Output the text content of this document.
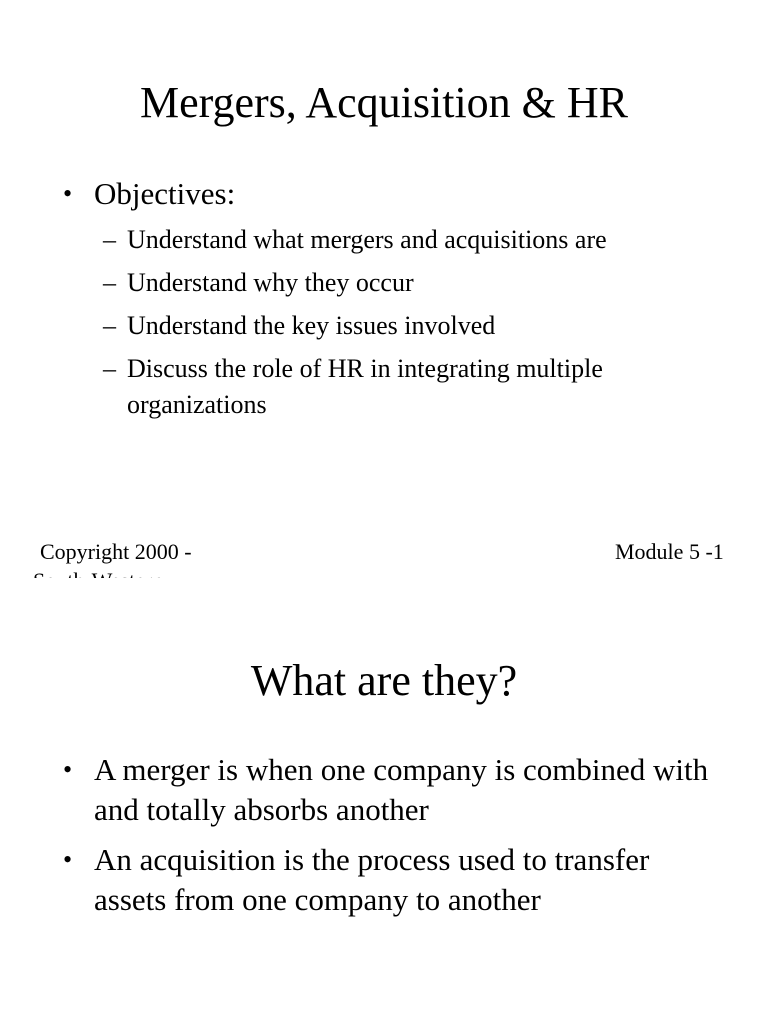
Mergers, Acquisition & HR
• Objectives:
– Understand what mergers and acquisitions are
– Understand why they occur
– Understand the key issues involved
– Discuss the role of HR in integrating multiple organizations
Copyright 2000 -	Module 5 -1
What are they?
• A merger is when one company is combined with and totally absorbs another
• An acquisition is the process used to transfer assets from one company to another
